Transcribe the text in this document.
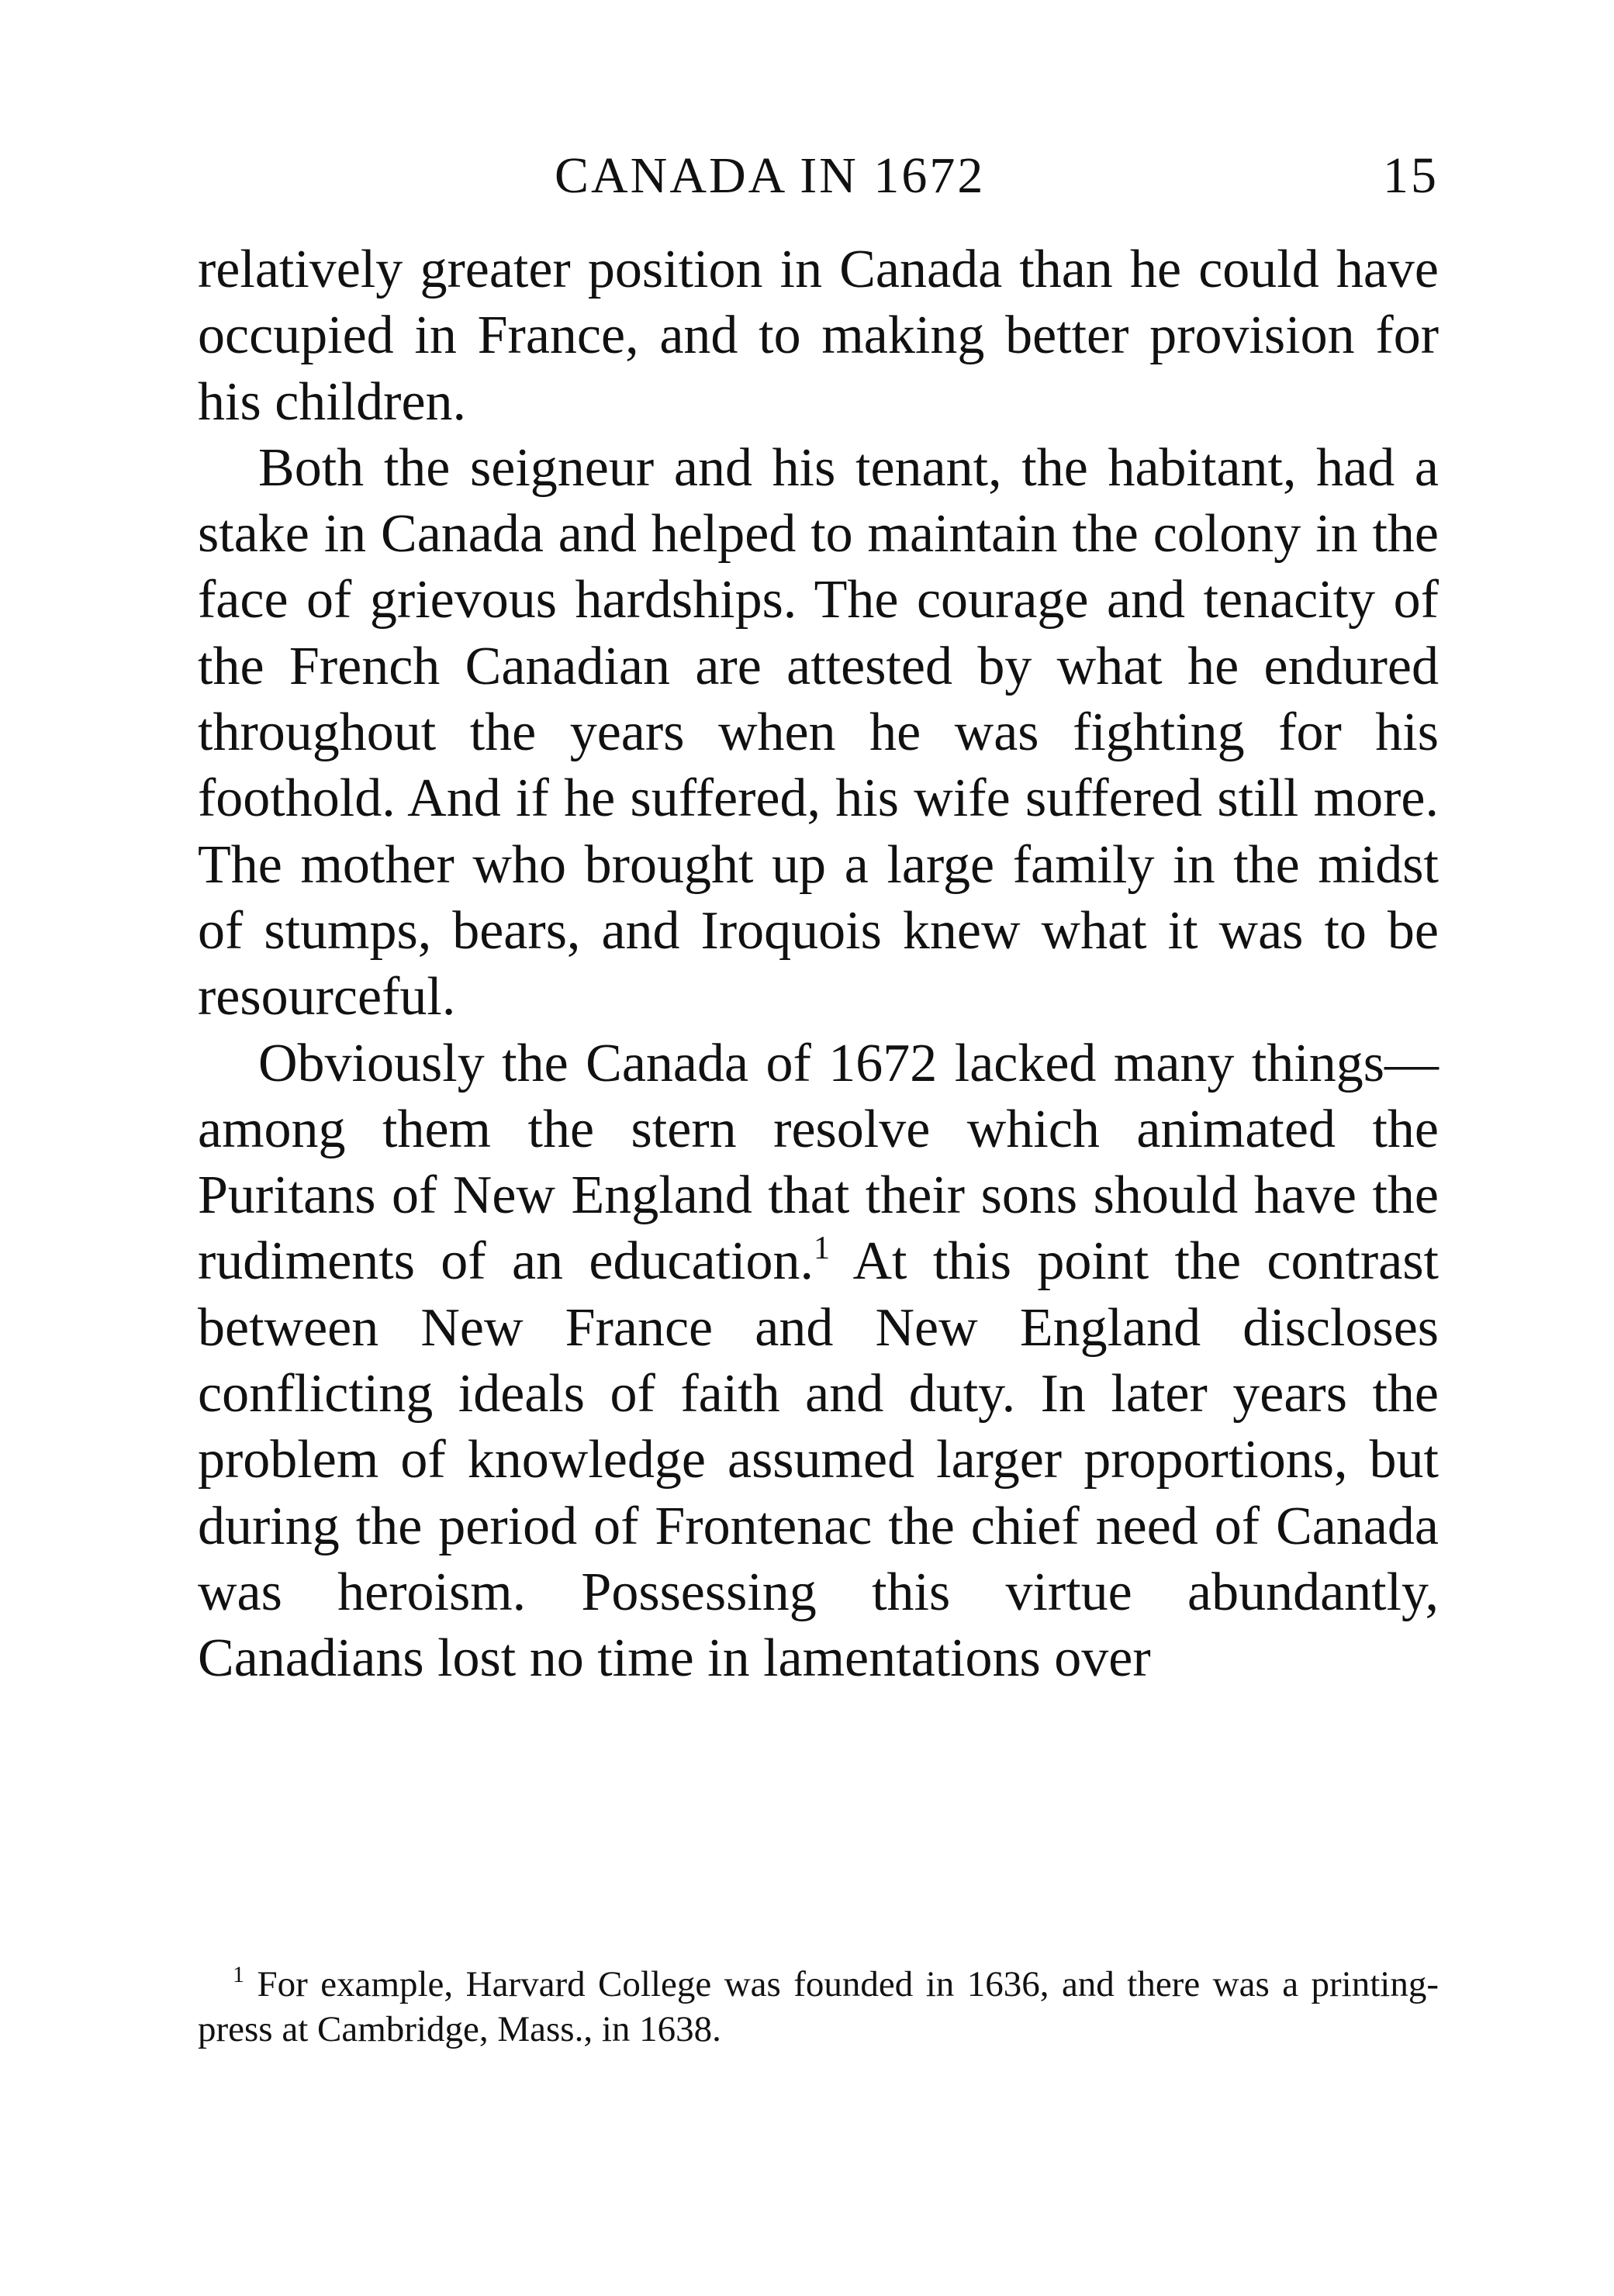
CANADA IN 1672	15

relatively greater position in Canada than he could have occupied in France, and to making better provision for his children.

Both the seigneur and his tenant, the habitant, had a stake in Canada and helped to maintain the colony in the face of grievous hardships. The courage and tenacity of the French Canadian are attested by what he endured throughout the years when he was fighting for his foothold. And if he suffered, his wife suffered still more. The mother who brought up a large family in the midst of stumps, bears, and Iroquois knew what it was to be resourceful.

Obviously the Canada of 1672 lacked many things—among them the stern resolve which animated the Puritans of New England that their sons should have the rudiments of an education.$^1$ At this point the contrast between New France and New England discloses conflicting ideals of faith and duty. In later years the problem of knowledge assumed larger proportions, but during the period of Frontenac the chief need of Canada was heroism. Possessing this virtue abundantly, Canadians lost no time in lamentations over

$^1$ For example, Harvard College was founded in 1636, and there was a printing-press at Cambridge, Mass., in 1638.
